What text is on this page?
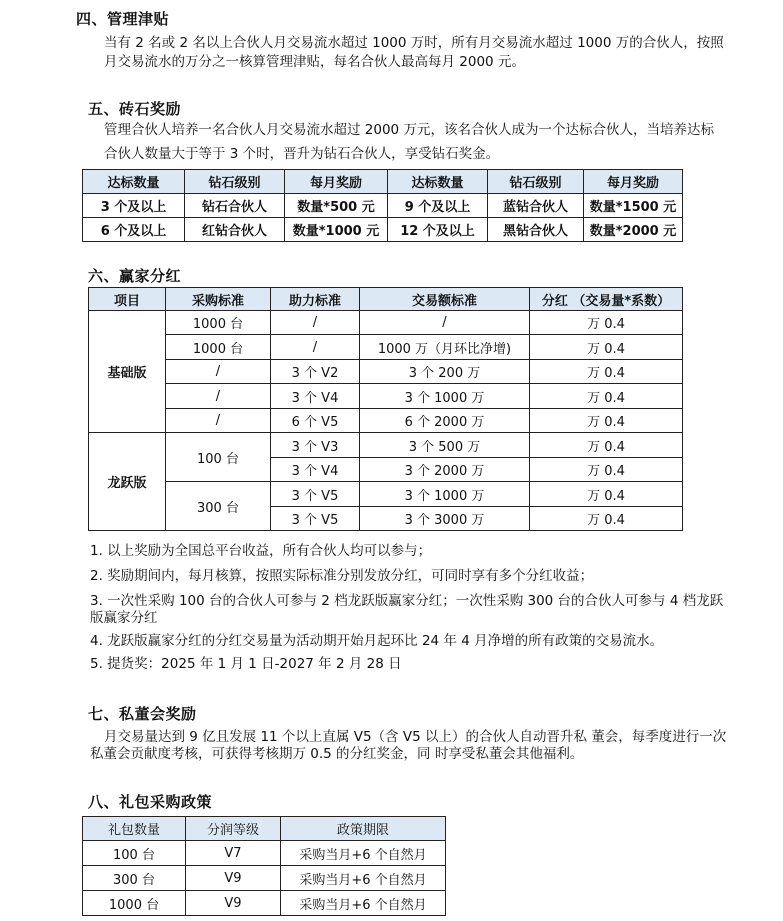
四、管理津贴
当有 2 名或 2 名以上合伙人月交易流水超过 1000 万时，所有月交易流水超过 1000 万的合伙人，按照
月交易流水的万分之一核算管理津贴，每名合伙人最高每月 2000 元。
五、砖石奖励
管理合伙人培养一名合伙人月交易流水超过 2000 万元，该名合伙人成为一个达标合伙人，当培养达标
合伙人数量大于等于 3 个时，晋升为钻石合伙人，享受钻石奖金。
达标数量	钻石级别	每月奖励	达标数量	钻石级别	每月奖励
3 个及以上	钻石合伙人	数量*500 元	9 个及以上	蓝钻合伙人	数量*1500 元
6 个及以上	红钻合伙人	数量*1000 元	12 个及以上	黑钻合伙人	数量*2000 元
六、赢家分红
项目	采购标准	助力标准	交易额标准	分红 （交易量*系数）
基础版	1000 台	/	/	万 0.4
	1000 台	/	1000 万（月环比净增)	万 0.4
	/	3 个 V2	3 个 200 万	万 0.4
	/	3 个 V4	3 个 1000 万	万 0.4
	/	6 个 V5	6 个 2000 万	万 0.4
龙跃版	100 台	3 个 V3	3 个 500 万	万 0.4
		3 个 V4	3 个 2000 万	万 0.4
	300 台	3 个 V5	3 个 1000 万	万 0.4
		3 个 V5	3 个 3000 万	万 0.4
1. 以上奖励为全国总平台收益，所有合伙人均可以参与；
2. 奖励期间内，每月核算，按照实际标准分别发放分红，可同时享有多个分红收益；
3. 一次性采购 100 台的合伙人可参与 2 档龙跃版赢家分红；一次性采购 300 台的合伙人可参与 4 档龙跃
版赢家分红
4. 龙跃版赢家分红的分红交易量为活动期开始月起环比 24 年 4 月净增的所有政策的交易流水。
5. 提货奖：2025 年 1 月 1 日-2027 年 2 月 28 日
七、私董会奖励
月交易量达到 9 亿且发展 11 个以上直属 V5（含 V5 以上）的合伙人自动晋升私 董会，每季度进行一次
私董会贡献度考核，可获得考核期万 0.5 的分红奖金，同 时享受私董会其他福利。
八、礼包采购政策
礼包数量	分润等级	政策期限
100 台	V7	采购当月+6 个自然月
300 台	V9	采购当月+6 个自然月
1000 台	V9	采购当月+6 个自然月
